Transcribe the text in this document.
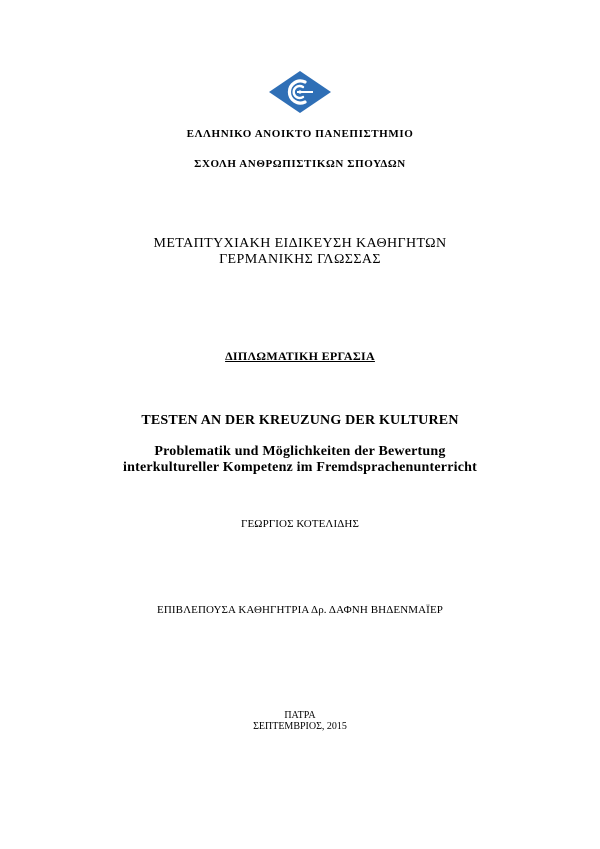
ΕΛΛΗΝΙΚΟ ΑΝΟΙΚΤΟ ΠΑΝΕΠΙΣΤΗΜΙΟ
ΣΧΟΛΗ ΑΝΘΡΩΠΙΣΤΙΚΩΝ ΣΠΟΥΔΩΝ
ΜΕΤΑΠΤΥΧΙΑΚΗ ΕΙΔΙΚΕΥΣΗ ΚΑΘΗΓΗΤΩΝ
ΓΕΡΜΑΝΙΚΗΣ ΓΛΩΣΣΑΣ
ΔΙΠΛΩΜΑΤΙΚΗ ΕΡΓΑΣΙΑ
TESTEN AN DER KREUZUNG DER KULTUREN
Problematik und Möglichkeiten der Bewertung
interkultureller Kompetenz im Fremdsprachenunterricht
ΓΕΩΡΓΙΟΣ ΚΟΤΕΛΙΔΗΣ
ΕΠΙΒΛΕΠΟΥΣΑ ΚΑΘΗΓΗΤΡΙΑ Δρ. ΔΑΦΝΗ ΒΗΔΕΝΜΑΪΕΡ
ΠΑΤΡΑ
ΣΕΠΤΕΜΒΡΙΟΣ, 2015
